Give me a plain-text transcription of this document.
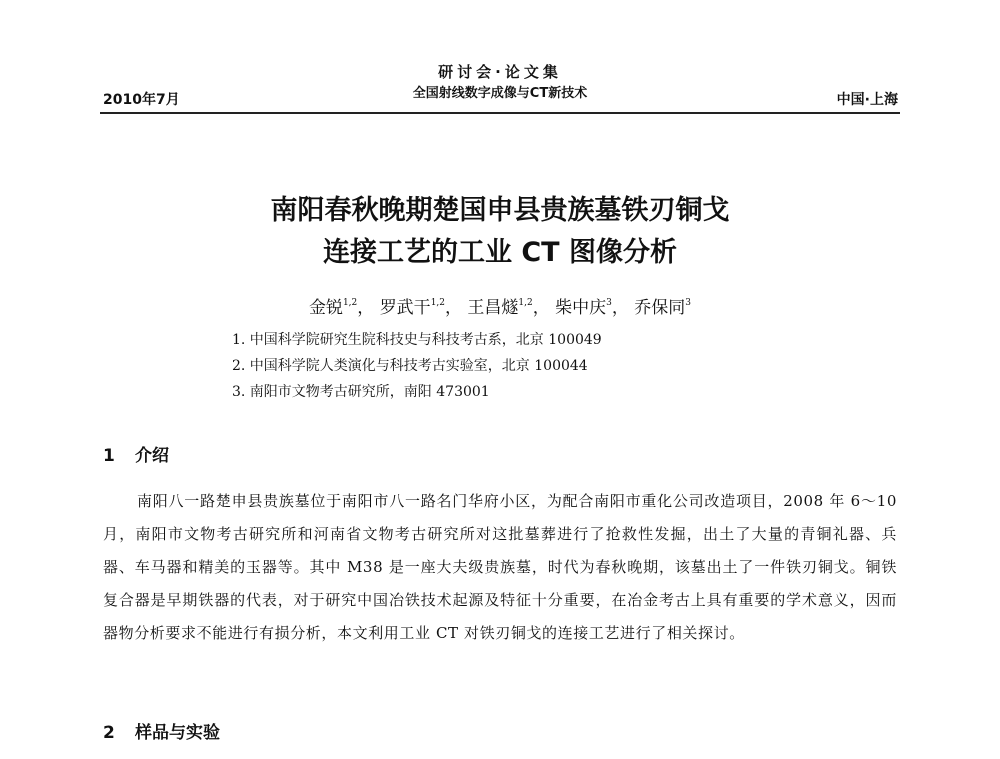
2010年7月
研讨会·论文集
全国射线数字成像与CT新技术	中国·上海
南阳春秋晚期楚国申县贵族墓铁刃铜戈
连接工艺的工业 CT 图像分析
金锐$^{1,2}$， 罗武干$^{1,2}$， 王昌燧$^{1,2}$， 柴中庆$^3$， 乔保同$^3$
1. 中国科学院研究生院科技史与科技考古系，北京 100049
2. 中国科学院人类演化与科技考古实验室，北京 100044
3. 南阳市文物考古研究所，南阳 473001
1 介绍
南阳八一路楚申县贵族墓位于南阳市八一路名门华府小区，为配合南阳市重化公司改造项目，2008 年 6～10 月，南阳市文物考古研究所和河南省文物考古研究所对这批墓葬进行了抢救性发掘，出土了大量的青铜礼器、兵器、车马器和精美的玉器等。其中 M38 是一座大夫级贵族墓，时代为春秋晚期，该墓出土了一件铁刃铜戈。铜铁复合器是早期铁器的代表，对于研究中国冶铁技术起源及特征十分重要，在冶金考古上具有重要的学术意义，因而器物分析要求不能进行有损分析，本文利用工业 CT 对铁刃铜戈的连接工艺进行了相关探讨。
2 样品与实验
